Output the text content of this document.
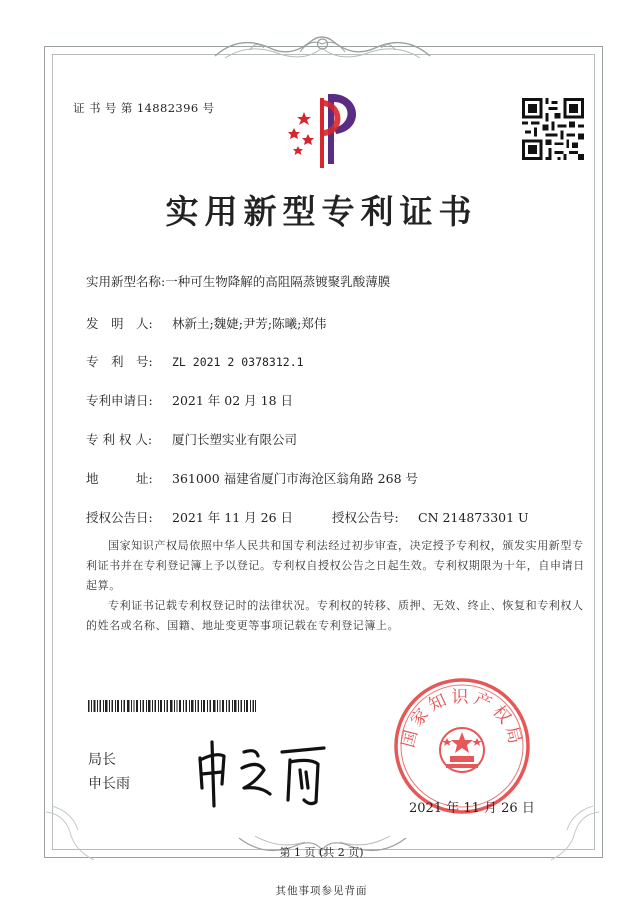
证 书 号 第 14882396 号
实用新型专利证书
实用新型名称:一种可生物降解的高阻隔蒸镀聚乳酸薄膜
发　明　人: 林新土;魏婕;尹芳;陈曦;郑伟
专　利　号: ZL 2021 2 0378312.1
专利申请日: 2021 年 02 月 18 日
专 利 权 人: 厦门长塑实业有限公司
地　　　址: 361000 福建省厦门市海沧区翁角路 268 号
授权公告日: 2021 年 11 月 26 日	授权公告号: CN 214873301 U
国家知识产权局依照中华人民共和国专利法经过初步审查，决定授予专利权，颁发实用新型专利证书并在专利登记簿上予以登记。专利权自授权公告之日起生效。专利权期限为十年，自申请日起算。
专利证书记载专利权登记时的法律状况。专利权的转移、质押、无效、终止、恢复和专利权人的姓名或名称、国籍、地址变更等事项记载在专利登记簿上。
局长
申长雨
国家知识产权局
2021 年 11 月 26 日
第 1 页 (共 2 页)
其他事项参见背面
